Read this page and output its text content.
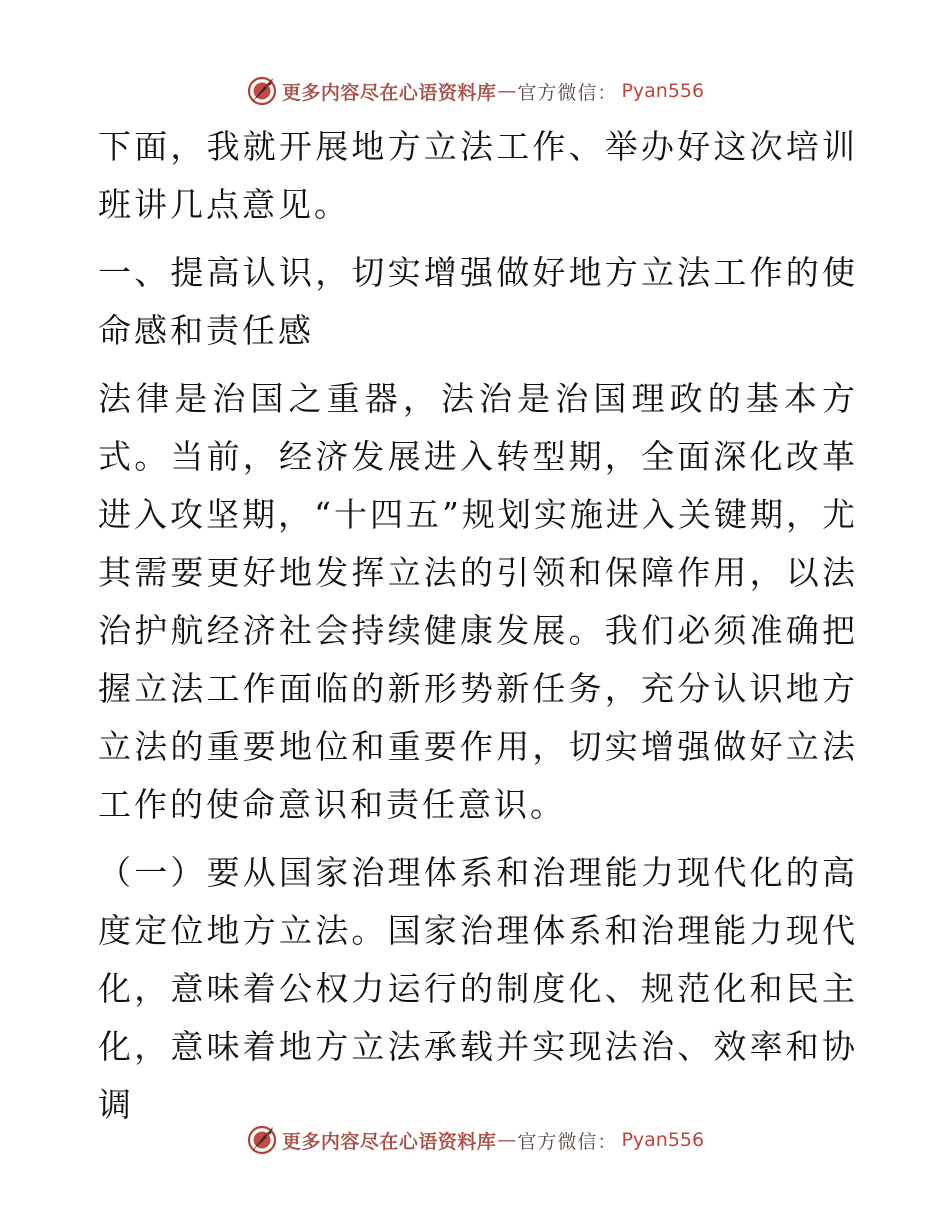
更多内容尽在心语资料库 — 官方微信： Pyan556

下面，我就开展地方立法工作、举办好这次培训班讲几点意见。

一、提高认识，切实增强做好地方立法工作的使命感和责任感

法律是治国之重器，法治是治国理政的基本方式。当前，经济发展进入转型期，全面深化改革进入攻坚期，“十四五”规划实施进入关键期，尤其需要更好地发挥立法的引领和保障作用，以法治护航经济社会持续健康发展。我们必须准确把握立法工作面临的新形势新任务，充分认识地方立法的重要地位和重要作用，切实增强做好立法工作的使命意识和责任意识。

（一）要从国家治理体系和治理能力现代化的高度定位地方立法。国家治理体系和治理能力现代化，意味着公权力运行的制度化、规范化和民主化，意味着地方立法承载并实现法治、效率和协调

更多内容尽在心语资料库 — 官方微信： Pyan556
